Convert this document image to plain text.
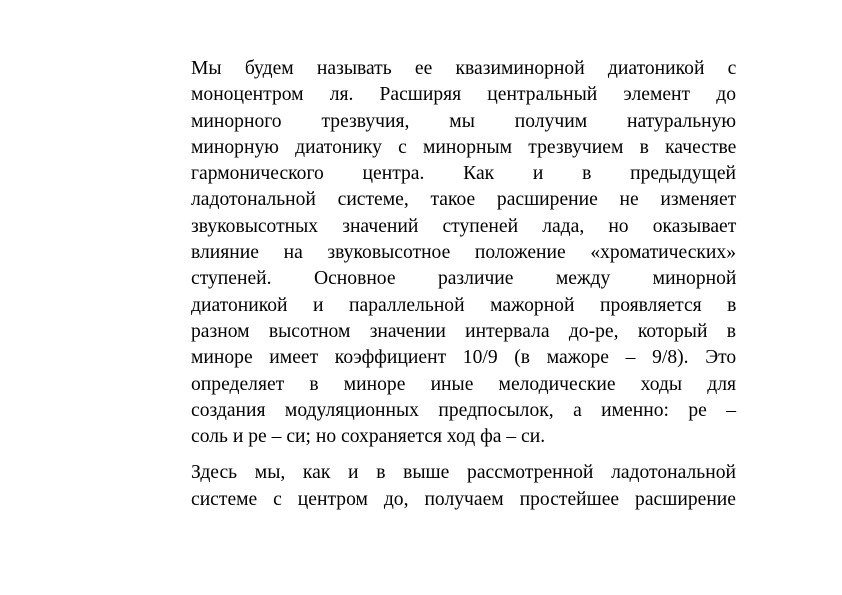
Мы будем называть ее квазиминорной диатоникой с
моноцентром ля. Расширяя центральный элемент до
минорного трезвучия, мы получим натуральную
минорную диатонику с минорным трезвучием в качестве
гармонического центра. Как и в предыдущей
ладотональной системе, такое расширение не изменяет
звуковысотных значений ступеней лада, но оказывает
влияние на звуковысотное положение «хроматических»
ступеней. Основное различие между минорной
диатоникой и параллельной мажорной проявляется в
разном высотном значении интервала до-ре, который в
миноре имеет коэффициент 10/9 (в мажоре – 9/8). Это
определяет в миноре иные мелодические ходы для
создания модуляционных предпосылок, а именно: ре –
соль и ре – си; но сохраняется ход фа – си.
Здесь мы, как и в выше рассмотренной ладотональной
системе с центром до, получаем простейшее расширение
